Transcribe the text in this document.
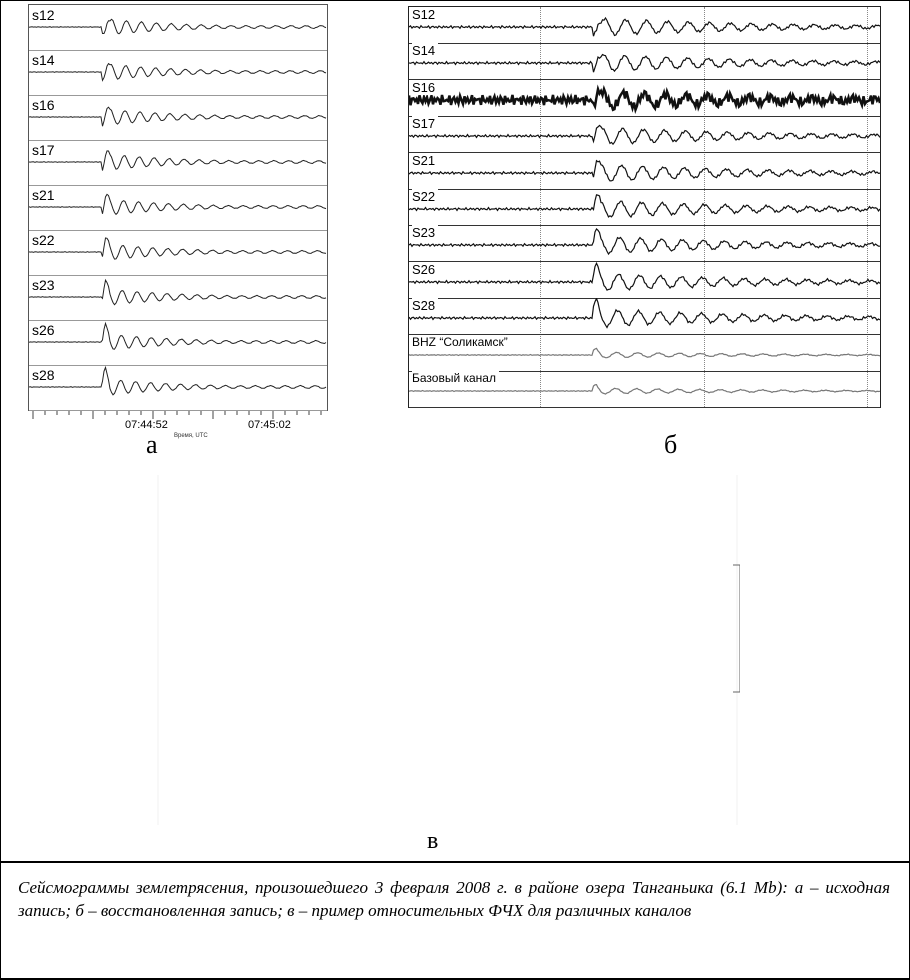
s12
s14
s16
s17
s21
s22
s23
s26
s28
07:44:52	07:45:02
Время, UTC
а
S12
S14
S16
S17
S21
S22
S23
S26
S28
BHZ “Соликамск”
Базовый канал
б
в
Сейсмограммы землетрясения, произошедшего 3 февраля 2008 г. в районе озера Танганьика (6.1 Mb): а – исходная запись; б – восстановленная запись; в – пример относительных ФЧХ для различных каналов
